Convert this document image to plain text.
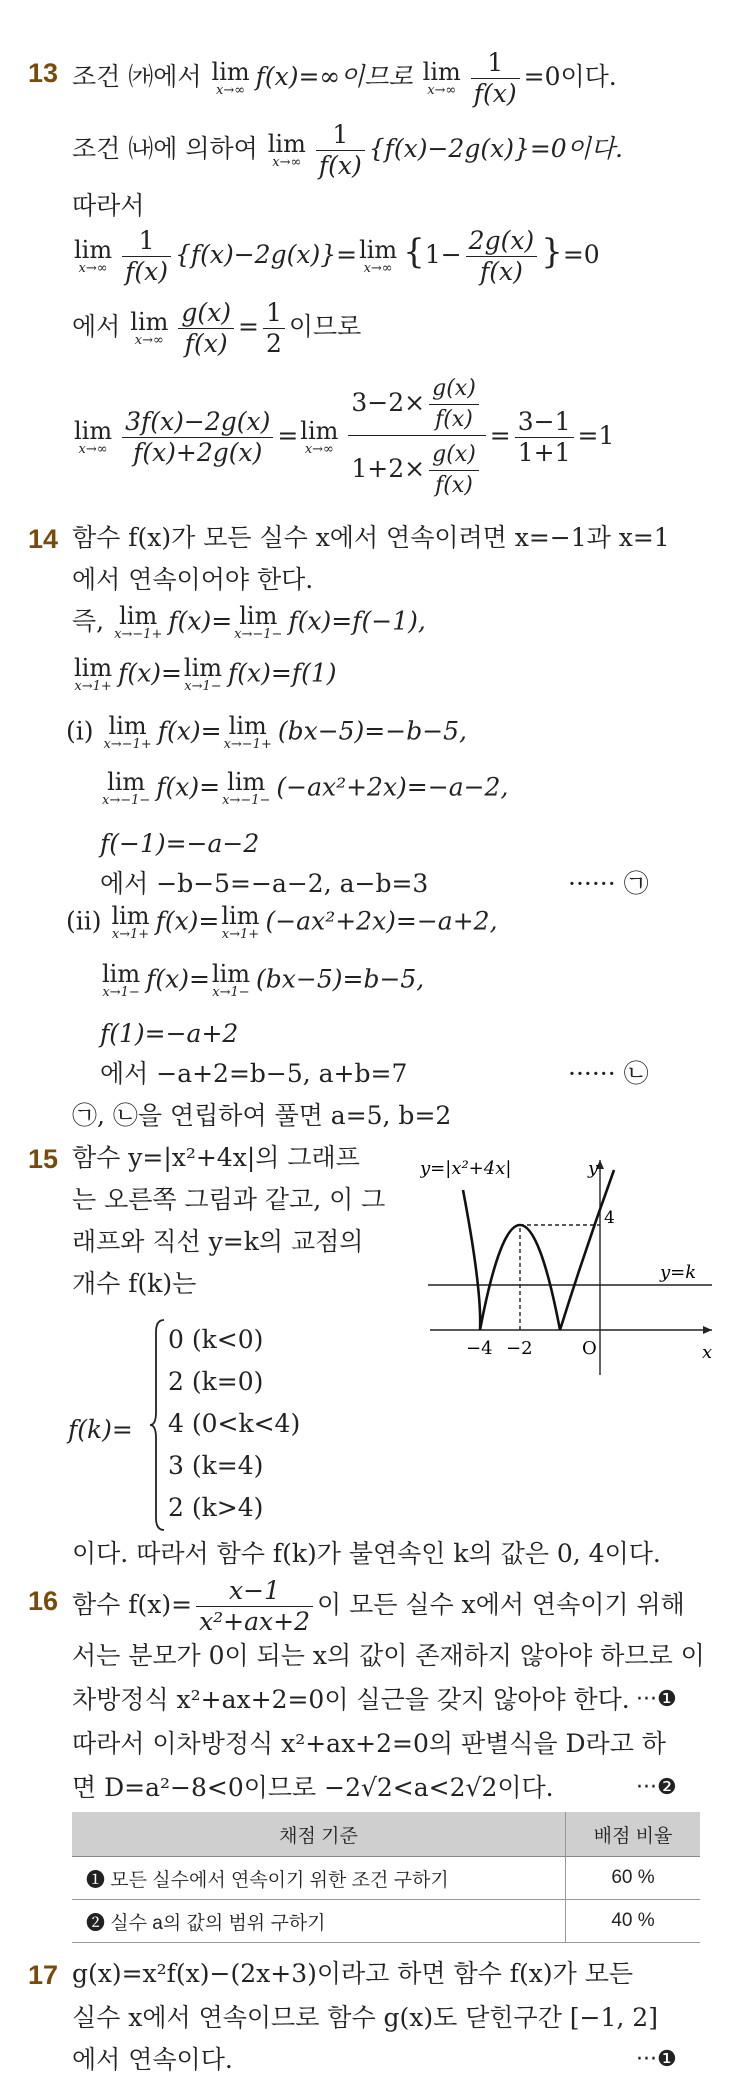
13 조건 ㈎에서 lim
x→∞ f(x)=∞이므로 lim
$x\to\infty \frac{1}{f(x)} =0$이다.
조건 ㈏에 의하여 lim
$x\to\infty \frac{1}{f(x)} \{f(x)-2g(x)\}=0$이다.
따라서
lim
$x\to\infty \frac{1}{f(x)} \{f(x)-2g(x)\}= \lim$
x→∞ $\{1- \frac{2g(x)}{f(x)} \}=0$
에서 lim
$x\to\infty \frac{g(x)}{f(x)} = \frac{1}{2}$ 이므로
lim
$x\to\infty \frac{3f(x)-2g(x)}{f(x)+2g(x)} = \lim$
$x\to\infty \frac{3-2\times \frac{g(x)}{f(x)}}{1+2\times \frac{g(x)}{f(x)}} = \frac{3-1}{1+1} =1$
14 함수 f(x)가 모든 실수 x에서 연속이려면 x=−1과 x=1
에서 연속이어야 한다.
즉, lim
x→−1+ f(x)= lim
x→−1− f(x)=f(−1),
lim
x→1+ f(x)= lim
x→1− f(x)=f(1)
(i) lim
x→−1+ f(x)= lim
x→−1+ (bx−5)=−b−5,
lim
x→−1− f(x)= lim
x→−1− (−ax²+2x)=−a−2,
f(−1)=−a−2
에서 −b−5=−a−2, a−b=3	······ ㉠
(ii) lim
x→1+ f(x)= lim
x→1+ (−ax²+2x)=−a+2,
lim
x→1− f(x)= lim
x→1− (bx−5)=b−5,
f(1)=−a+2
에서 −a+2=b−5, a+b=7	······ ㉡
㉠, ㉡을 연립하여 풀면 a=5, b=2
15 함수 y=|x²+4x|의 그래프
는 오른쪽 그림과 같고, 이 그
래프와 직선 y=k의 교점의
개수 f(k)는
y=|x²+4x|	y
x
y=k
4
−4 −2	O
f(k)=
0 (k<0)
2 (k=0)
4 (0<k<4)
3 (k=4)
2 (k>4)
이다. 따라서 함수 f(k)가 불연속인 k의 값은 0, 4이다.
16 함수 $f(x)= \frac{x-1}{\text{x²+ax+2}}$ 이 모든 실수 x에서 연속이기 위해
서는 분모가 0이 되는 x의 값이 존재하지 않아야 하므로 이
차방정식 x²+ax+2=0이 실근을 갖지 않아야 한다. ···❶
따라서 이차방정식 x²+ax+2=0의 판별식을 D라고 하
면 D=a²−8<0이므로 −2√2<a<2√2이다.	···❷
채점 기준	배점 비율
❶ 모든 실수에서 연속이기 위한 조건 구하기	60 %
❷ 실수 a의 값의 범위 구하기	40 %
17 g(x)=x²f(x)−(2x+3)이라고 하면 함수 f(x)가 모든
실수 x에서 연속이므로 함수 g(x)도 닫힌구간 [−1, 2]
에서 연속이다.	···❶
